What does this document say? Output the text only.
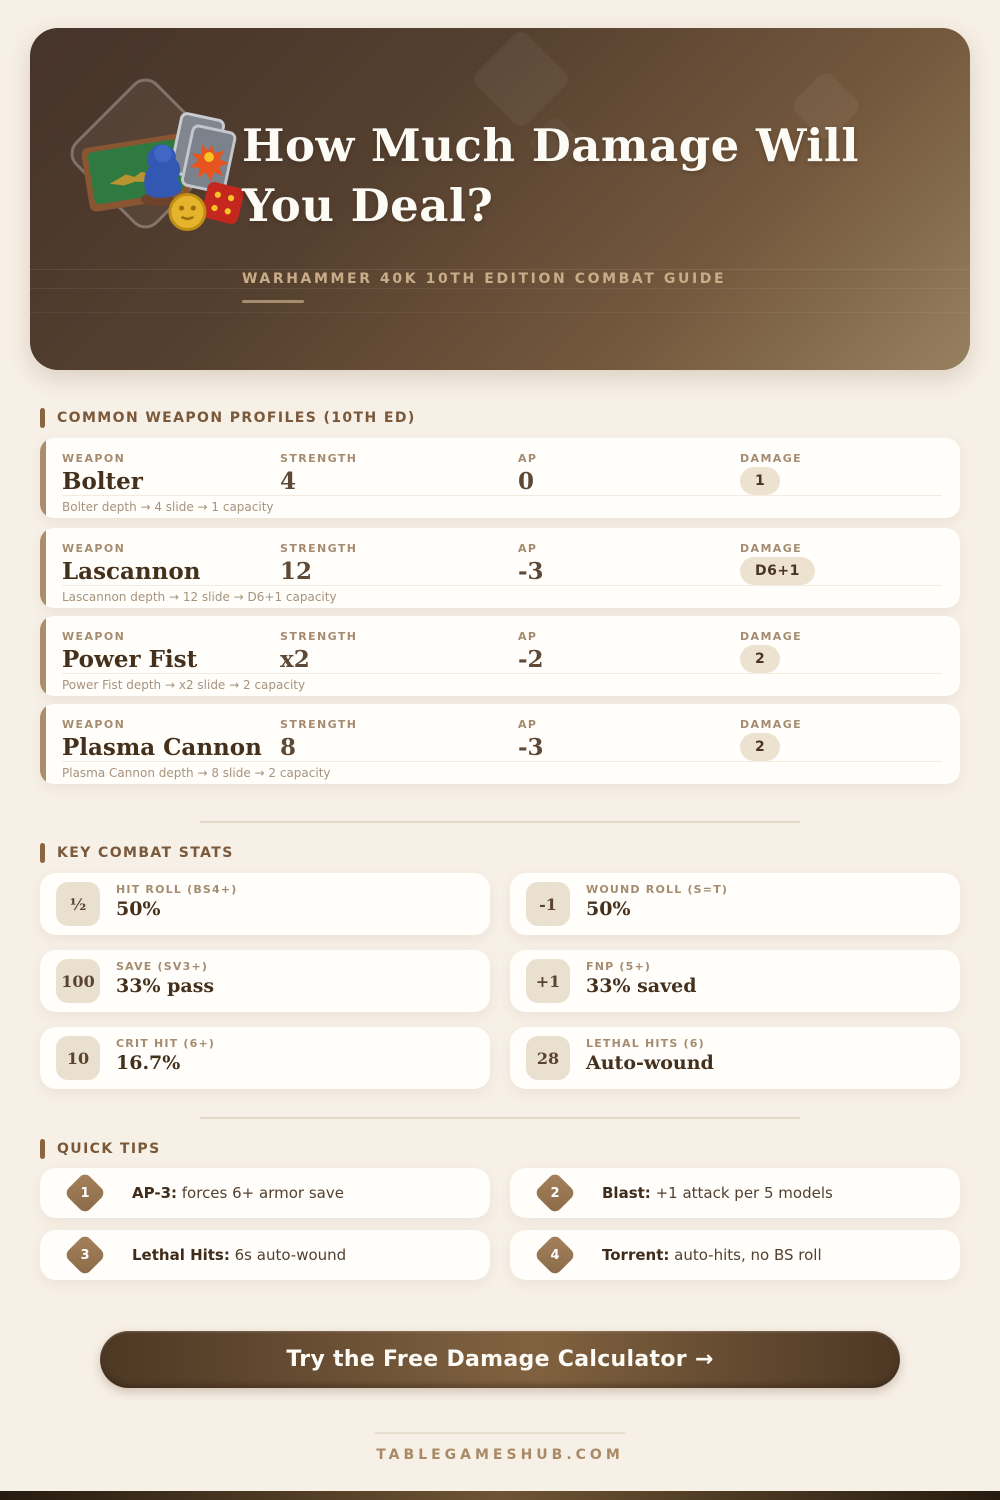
How Much Damage Will
You Deal?
WARHAMMER 40K 10TH EDITION COMBAT GUIDE
COMMON WEAPON PROFILES (10TH ED)
WEAPON
Bolter
STRENGTH
4
AP
0
DAMAGE
1
Bolter depth → 4 slide → 1 capacity
WEAPON
Lascannon
STRENGTH
12
AP
-3
DAMAGE
D6+1
Lascannon depth → 12 slide → D6+1 capacity
WEAPON
Power Fist
STRENGTH
x2
AP
-2
DAMAGE
2
Power Fist depth → x2 slide → 2 capacity
WEAPON
Plasma Cannon
STRENGTH
8
AP
-3
DAMAGE
2
Plasma Cannon depth → 8 slide → 2 capacity
KEY COMBAT STATS
½
HIT ROLL (BS4+)
50%	-1
WOUND ROLL (S=T)
50%
100
SAVE (SV3+)
33% pass	+1
FNP (5+)
33% saved
10
CRIT HIT (6+)
16.7%	28
LETHAL HITS (6)
Auto-wound
QUICK TIPS
1	AP-3: forces 6+ armor save	2	Blast: +1 attack per 5 models
3	Lethal Hits: 6s auto-wound	4	Torrent: auto-hits, no BS roll
Try the Free Damage Calculator →
TABLEGAMESHUB.COM
